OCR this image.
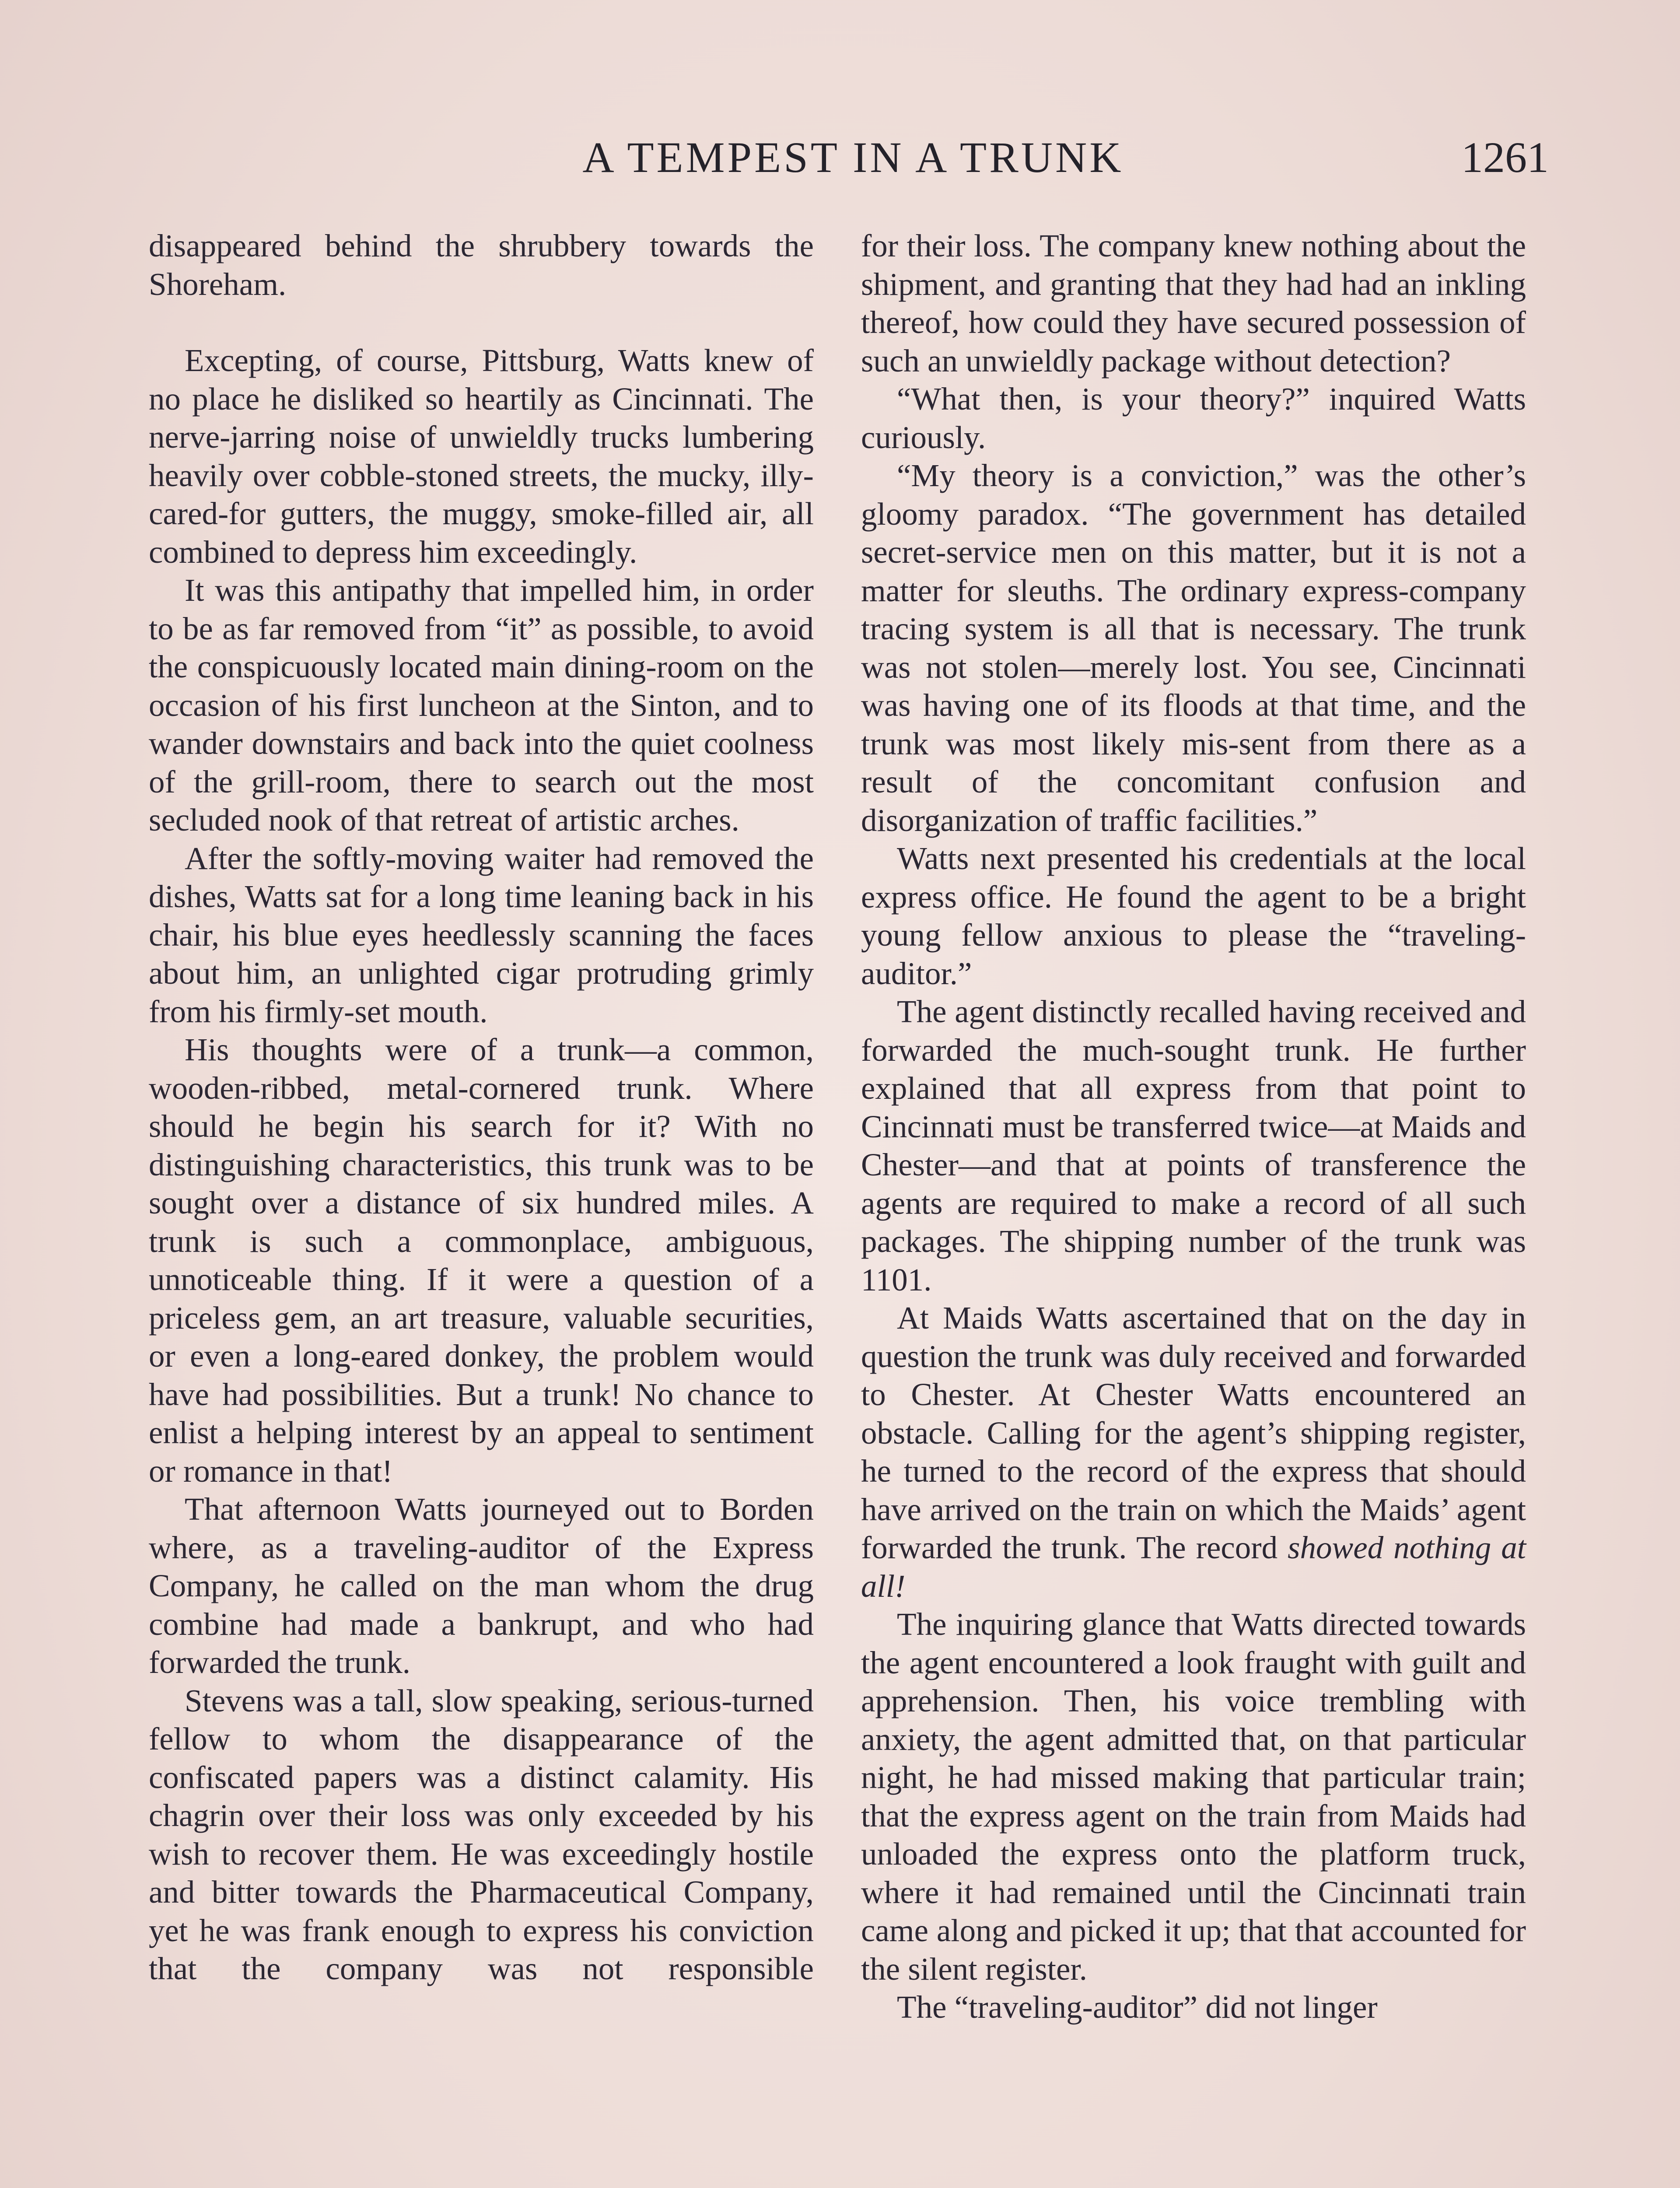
A TEMPEST IN A TRUNK	1261

disappeared behind the shrubbery towards the Shoreham.

Excepting, of course, Pittsburg, Watts knew of no place he disliked so heartily as Cincinnati. The nerve-jarring noise of unwieldly trucks lumbering heavily over cobble-stoned streets, the mucky, illy-cared-for gutters, the muggy, smoke-filled air, all combined to depress him exceedingly.

It was this antipathy that impelled him, in order to be as far removed from “it” as possible, to avoid the conspicuously located main dining-room on the occasion of his first luncheon at the Sinton, and to wander downstairs and back into the quiet coolness of the grill-room, there to search out the most secluded nook of that retreat of artistic arches.

After the softly-moving waiter had removed the dishes, Watts sat for a long time leaning back in his chair, his blue eyes heedlessly scanning the faces about him, an unlighted cigar protruding grimly from his firmly-set mouth.

His thoughts were of a trunk—a common, wooden-ribbed, metal-cornered trunk. Where should he begin his search for it? With no distinguishing characteristics, this trunk was to be sought over a distance of six hundred miles. A trunk is such a commonplace, ambiguous, unnoticeable thing. If it were a question of a priceless gem, an art treasure, valuable securities, or even a long-eared donkey, the problem would have had possibilities. But a trunk! No chance to enlist a helping interest by an appeal to sentiment or romance in that!

That afternoon Watts journeyed out to Borden where, as a traveling-auditor of the Express Company, he called on the man whom the drug combine had made a bankrupt, and who had forwarded the trunk.

Stevens was a tall, slow speaking, serious-turned fellow to whom the disappearance of the confiscated papers was a distinct calamity. His chagrin over their loss was only exceeded by his wish to recover them. He was exceedingly hostile and bitter towards the Pharmaceutical Company, yet he was frank enough to express his conviction that the company was not responsible

for their loss. The company knew nothing about the shipment, and granting that they had had an inkling thereof, how could they have secured possession of such an unwieldly package without detection?

“What then, is your theory?” inquired Watts curiously.

“My theory is a conviction,” was the other’s gloomy paradox. “The government has detailed secret-service men on this matter, but it is not a matter for sleuths. The ordinary express-company tracing system is all that is necessary. The trunk was not stolen—merely lost. You see, Cincinnati was having one of its floods at that time, and the trunk was most likely mis-sent from there as a result of the concomitant confusion and disorganization of traffic facilities.”

Watts next presented his credentials at the local express office. He found the agent to be a bright young fellow anxious to please the “traveling-auditor.”

The agent distinctly recalled having received and forwarded the much-sought trunk. He further explained that all express from that point to Cincinnati must be transferred twice—at Maids and Chester—and that at points of transference the agents are required to make a record of all such packages. The shipping number of the trunk was 1101.

At Maids Watts ascertained that on the day in question the trunk was duly received and forwarded to Chester. At Chester Watts encountered an obstacle. Calling for the agent’s shipping register, he turned to the record of the express that should have arrived on the train on which the Maids’ agent forwarded the trunk. The record showed nothing at all!

The inquiring glance that Watts directed towards the agent encountered a look fraught with guilt and apprehension. Then, his voice trembling with anxiety, the agent admitted that, on that particular night, he had missed making that particular train; that the express agent on the train from Maids had unloaded the express onto the platform truck, where it had remained until the Cincinnati train came along and picked it up; that that accounted for the silent register.

The “traveling-auditor” did not linger
